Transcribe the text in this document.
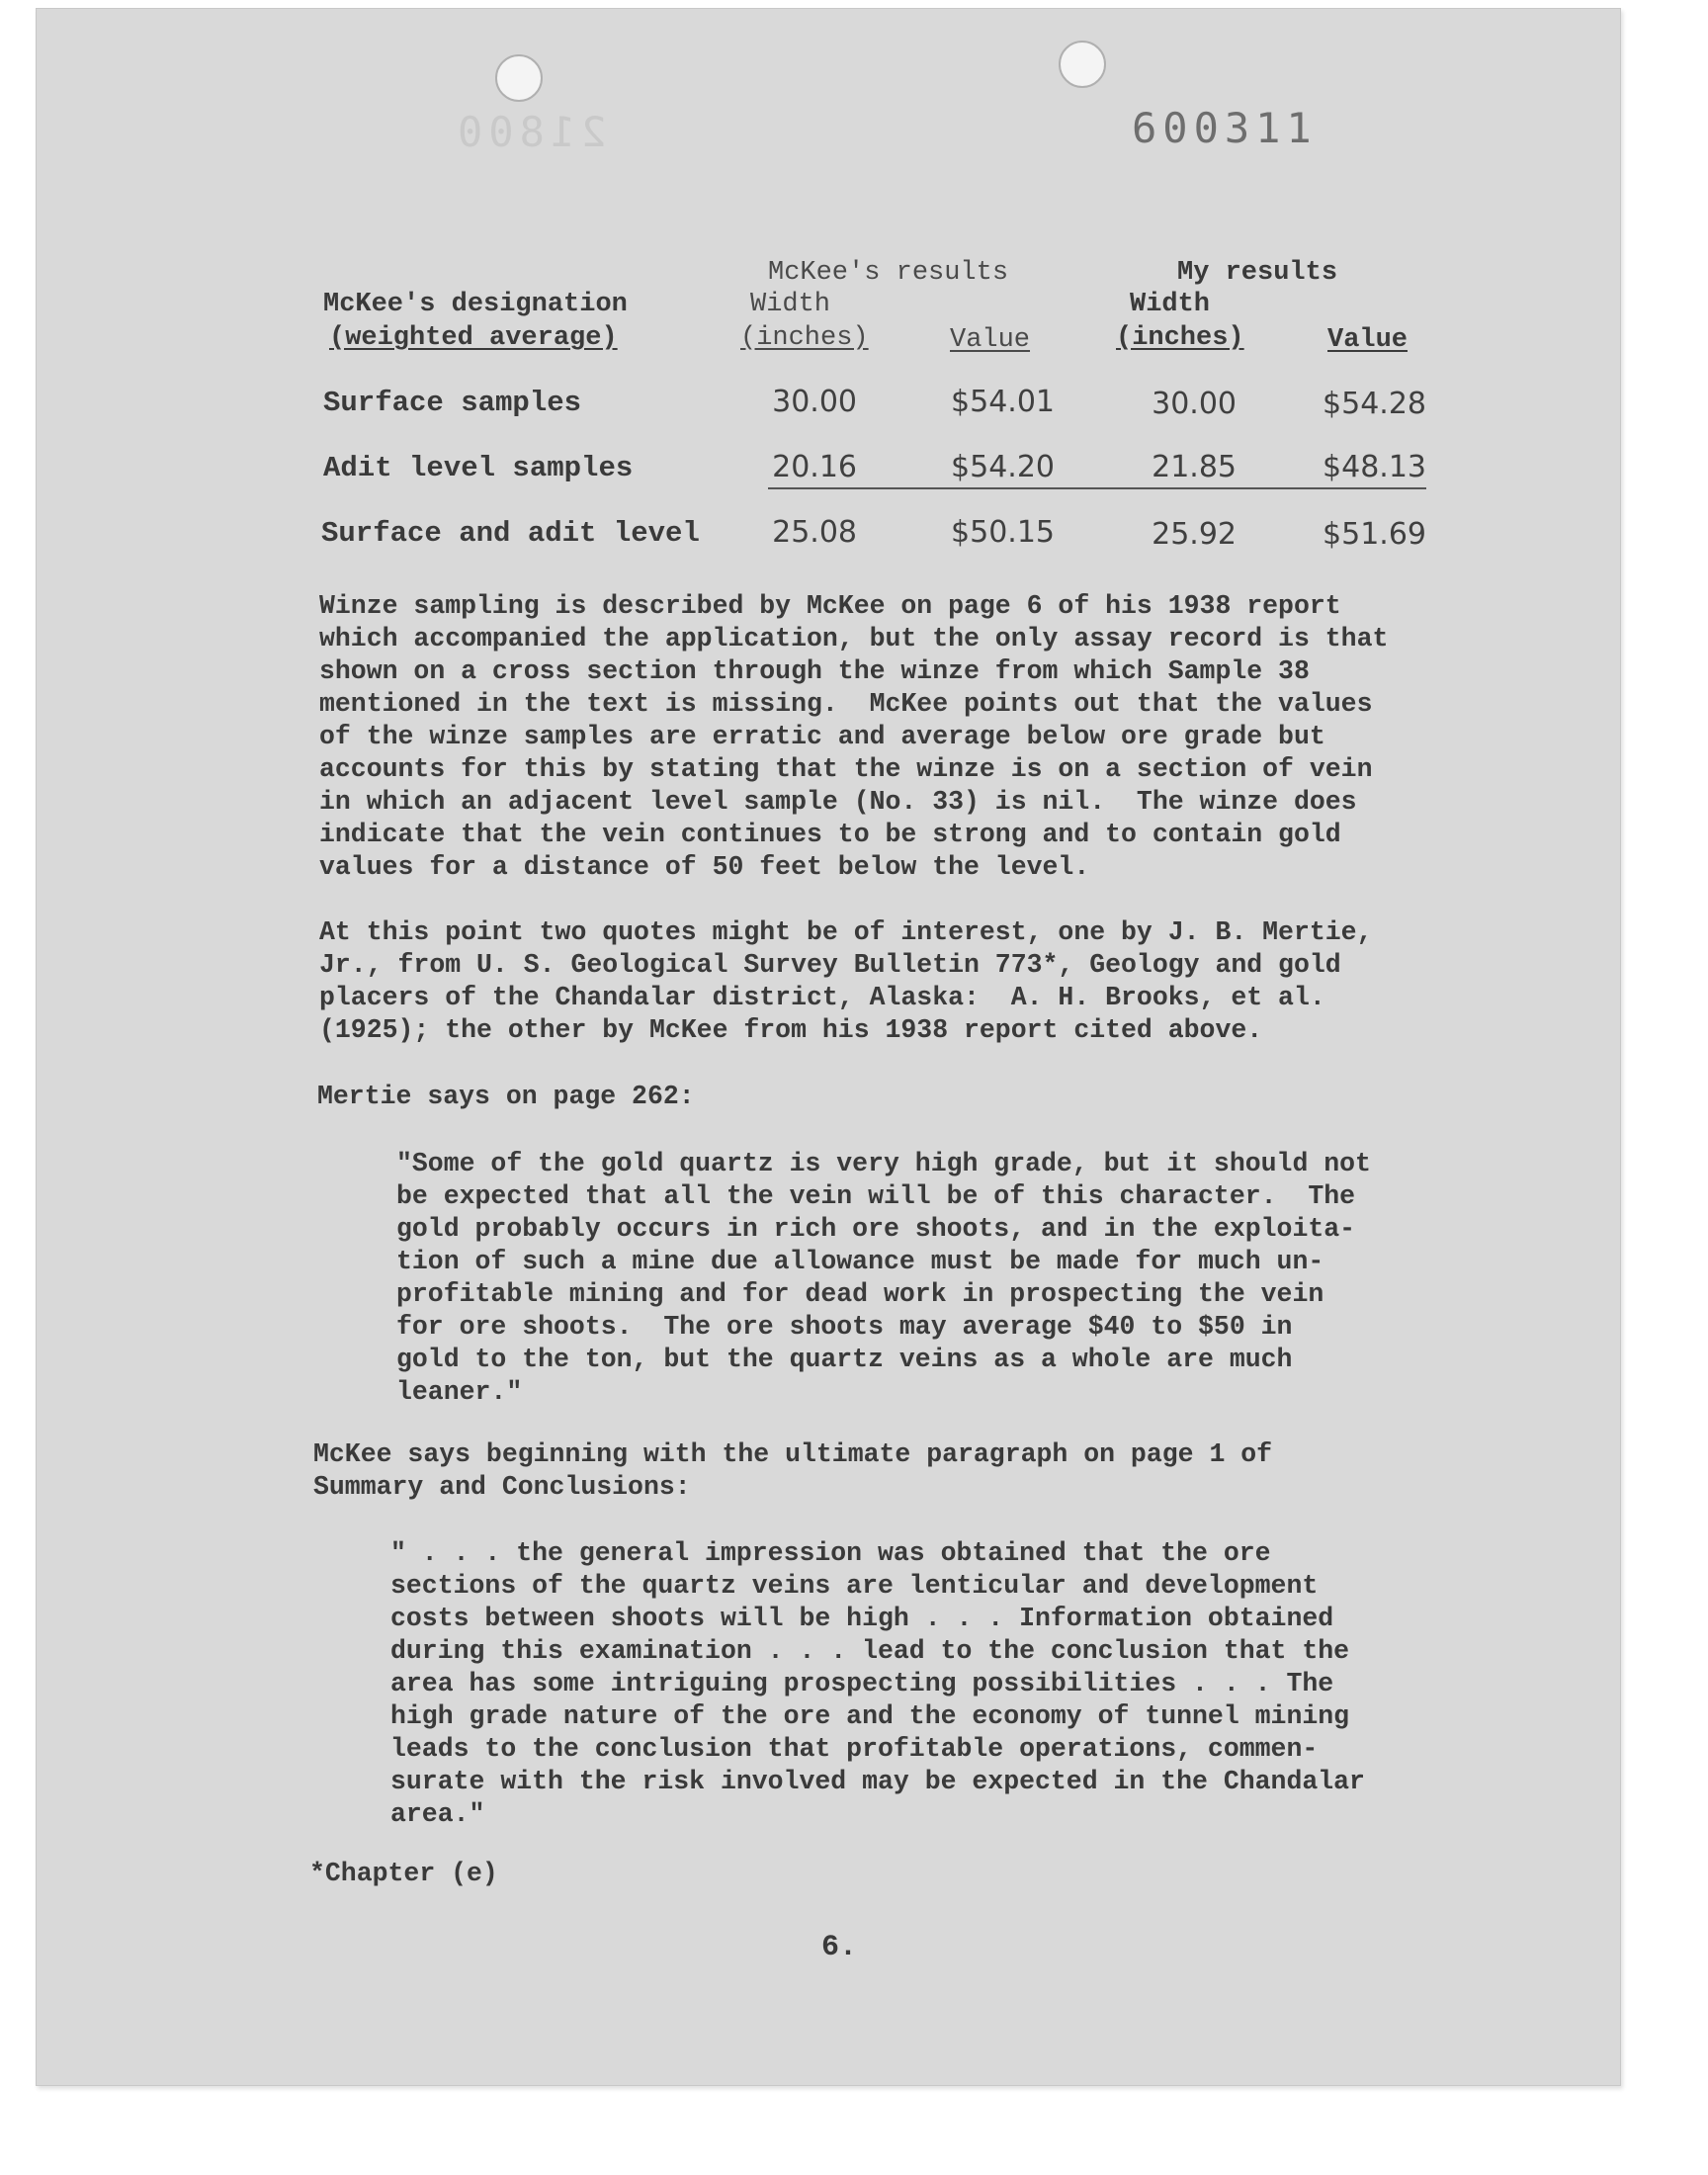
21800	600311
McKee's results	My results
McKee's designation
(weighted average)
Width
(inches)	Value
Width
(inches)	Value
Surface samples	30.00	$54.01	30.00	$54.28
Adit level samples	20.16	$54.20	21.85	$48.13
Surface and adit level	25.08	$50.15	25.92	$51.69
Winze sampling is described by McKee on page 6 of his 1938 report
which accompanied the application, but the only assay record is that
shown on a cross section through the winze from which Sample 38
mentioned in the text is missing.  McKee points out that the values
of the winze samples are erratic and average below ore grade but
accounts for this by stating that the winze is on a section of vein
in which an adjacent level sample (No. 33) is nil.  The winze does
indicate that the vein continues to be strong and to contain gold
values for a distance of 50 feet below the level.
At this point two quotes might be of interest, one by J. B. Mertie,
Jr., from U. S. Geological Survey Bulletin 773*, Geology and gold
placers of the Chandalar district, Alaska:  A. H. Brooks, et al.
(1925); the other by McKee from his 1938 report cited above.
Mertie says on page 262:
"Some of the gold quartz is very high grade, but it should not
be expected that all the vein will be of this character.  The
gold probably occurs in rich ore shoots, and in the exploita-
tion of such a mine due allowance must be made for much un-
profitable mining and for dead work in prospecting the vein
for ore shoots.  The ore shoots may average $40 to $50 in
gold to the ton, but the quartz veins as a whole are much
leaner."
McKee says beginning with the ultimate paragraph on page 1 of
Summary and Conclusions:
" . . . the general impression was obtained that the ore
sections of the quartz veins are lenticular and development
costs between shoots will be high . . . Information obtained
during this examination . . . lead to the conclusion that the
area has some intriguing prospecting possibilities . . . The
high grade nature of the ore and the economy of tunnel mining
leads to the conclusion that profitable operations, commen-
surate with the risk involved may be expected in the Chandalar
area."
*Chapter (e)
6.
